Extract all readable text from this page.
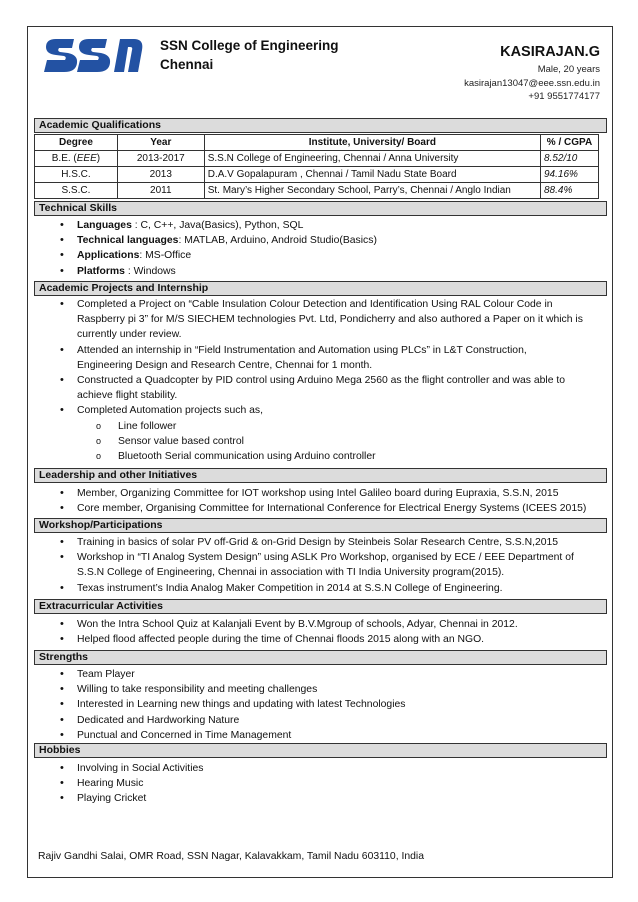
SSN College of Engineering
Chennai
KASIRAJAN.G
Male, 20 years
kasirajan13047@eee.ssn.edu.in
+91 9551774177
Academic Qualifications
Degree	Year	Institute, University/ Board	% / CGPA
B.E. (EEE)	2013-2017	S.S.N College of Engineering, Chennai / Anna University	8.52/10
H.S.C.	2013	D.A.V Gopalapuram , Chennai / Tamil Nadu State Board	94.16%
S.S.C.	2011	St. Mary’s Higher Secondary School, Parry’s, Chennai / Anglo Indian	88.4%
Technical Skills
• Languages : C, C++, Java(Basics), Python, SQL
• Technical languages: MATLAB, Arduino, Android Studio(Basics)
• Applications: MS-Office
• Platforms : Windows
Academic Projects and Internship
• Completed a Project on “Cable Insulation Colour Detection and Identification Using RAL Colour Code in
Raspberry pi 3” for M/S SIECHEM technologies Pvt. Ltd, Pondicherry and also authored a Paper on it which is
currently under review.
• Attended an internship in “Field Instrumentation and Automation using PLCs” in L&T Construction,
Engineering Design and Research Centre, Chennai for 1 month.
• Constructed a Quadcopter by PID control using Arduino Mega 2560 as the flight controller and was able to
achieve flight stability.
• Completed Automation projects such as,
o Line follower
o Sensor value based control
o Bluetooth Serial communication using Arduino controller
Leadership and other Initiatives
• Member, Organizing Committee for IOT workshop using Intel Galileo board during Eupraxia, S.S.N, 2015
• Core member, Organising Committee for International Conference for Electrical Energy Systems (ICEES 2015)
Workshop/Participations
• Training in basics of solar PV off-Grid & on-Grid Design by Steinbeis Solar Research Centre, S.S.N,2015
• Workshop in “TI Analog System Design” using ASLK Pro Workshop, organised by ECE / EEE Department of
S.S.N College of Engineering, Chennai in association with TI India University program(2015).
• Texas instrument’s India Analog Maker Competition in 2014 at S.S.N College of Engineering.
Extracurricular Activities
• Won the Intra School Quiz at Kalanjali Event by B.V.Mgroup of schools, Adyar, Chennai in 2012.
• Helped flood affected people during the time of Chennai floods 2015 along with an NGO.
Strengths
• Team Player
• Willing to take responsibility and meeting challenges
• Interested in Learning new things and updating with latest Technologies
• Dedicated and Hardworking Nature
• Punctual and Concerned in Time Management
Hobbies
• Involving in Social Activities
• Hearing Music
• Playing Cricket
Rajiv Gandhi Salai, OMR Road, SSN Nagar, Kalavakkam, Tamil Nadu 603110, India
